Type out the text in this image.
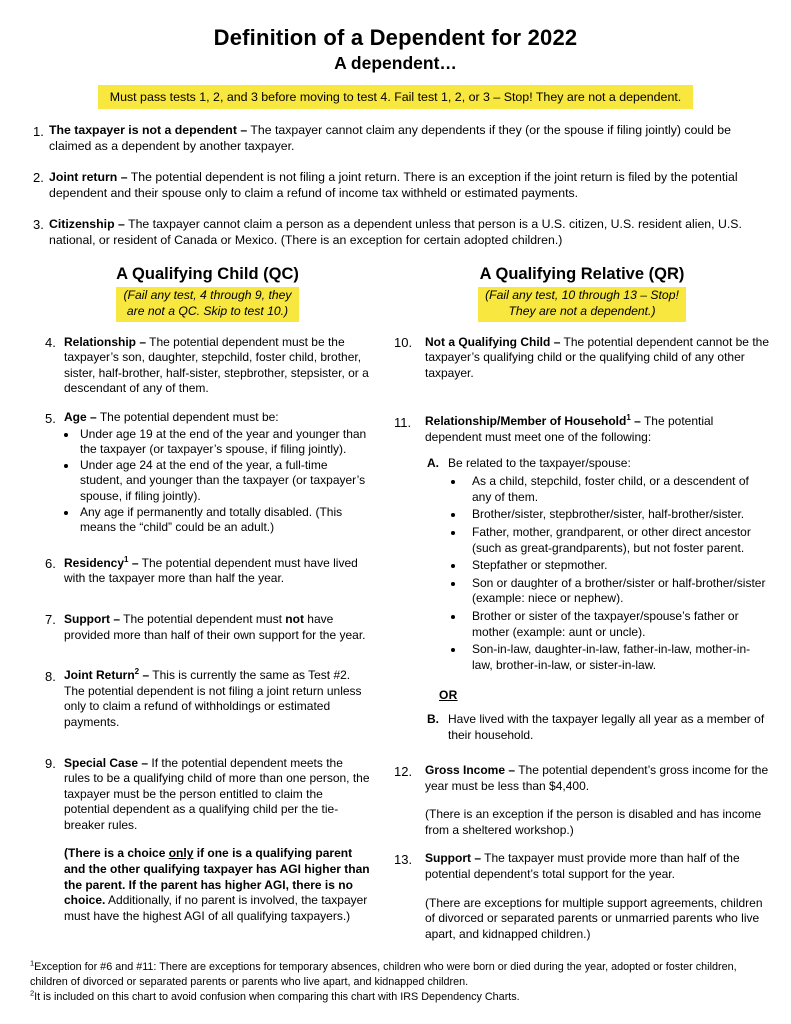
Definition of a Dependent for 2022
A dependent…
Must pass tests 1, 2, and 3 before moving to test 4. Fail test 1, 2, or 3 – Stop! They are not a dependent.
1. The taxpayer is not a dependent – The taxpayer cannot claim any dependents if they (or the spouse if filing jointly) could be claimed as a dependent by another taxpayer.

2. Joint return – The potential dependent is not filing a joint return. There is an exception if the joint return is filed by the potential dependent and their spouse only to claim a refund of income tax withheld or estimated payments.

3. Citizenship – The taxpayer cannot claim a person as a dependent unless that person is a U.S. citizen, U.S. resident alien, U.S. national, or resident of Canada or Mexico. (There is an exception for certain adopted children.)

A Qualifying Child (QC)
(Fail any test, 4 through 9, they
are not a QC. Skip to test 10.)
4. Relationship – The potential dependent must be the taxpayer’s son, daughter, stepchild, foster child, brother, sister, half-brother, half-sister, stepbrother, stepsister, or a descendant of any of them.

5. Age – The potential dependent must be:

• Under age 19 at the end of the year and younger than the taxpayer (or taxpayer’s spouse, if filing jointly).
• Under age 24 at the end of the year, a full-time student, and younger than the taxpayer (or taxpayer’s spouse, if filing jointly).
• Any age if permanently and totally disabled. (This means the “child” could be an adult.)
6. Residency$^1$ – The potential dependent must have lived with the taxpayer more than half the year.

7. Support – The potential dependent must not have provided more than half of their own support for the year.

8. Joint Return$^2$ – This is currently the same as Test #2. The potential dependent is not filing a joint return unless only to claim a refund of withholdings or estimated payments.

9. Special Case – If the potential dependent meets the rules to be a qualifying child of more than one person, the taxpayer must be the person entitled to claim the potential dependent as a qualifying child per the tie-breaker rules.

(There is a choice only if one is a qualifying parent and the other qualifying taxpayer has AGI higher than the parent. If the parent has higher AGI, there is no choice. Additionally, if no parent is involved, the taxpayer must have the highest AGI of all qualifying taxpayers.)

A Qualifying Relative (QR)
(Fail any test, 10 through 13 – Stop!
They are not a dependent.)
10.	Not a Qualifying Child – The potential dependent cannot be the taxpayer’s qualifying child or the qualifying child of any other taxpayer.

11.	Relationship/Member of Household$^1$ – The potential dependent must meet one of the following:

A. Be related to the taxpayer/spouse:

• As a child, stepchild, foster child, or a descendent of any of them.
• Brother/sister, stepbrother/sister, half-brother/sister.
• Father, mother, grandparent, or other direct ancestor (such as great-grandparents), but not foster parent.
• Stepfather or stepmother.
• Son or daughter of a brother/sister or half-brother/sister (example: niece or nephew).
• Brother or sister of the taxpayer/spouse’s father or mother (example: aunt or uncle).
• Son-in-law, daughter-in-law, father-in-law, mother-in-law, brother-in-law, or sister-in-law.
OR
B. Have lived with the taxpayer legally all year as a member of their household.

12.	Gross Income – The potential dependent’s gross income for the year must be less than $4,400.

(There is an exception if the person is disabled and has income from a sheltered workshop.)

13.	Support – The taxpayer must provide more than half of the potential dependent’s total support for the year.

(There are exceptions for multiple support agreements, children of divorced or separated parents or unmarried parents who live apart, and kidnapped children.)

$^1$Exception for #6 and #11: There are exceptions for temporary absences, children who were born or died during the year, adopted or foster children, children of divorced or separated parents or parents who live apart, and kidnapped children.

$^2$It is included on this chart to avoid confusion when comparing this chart with IRS Dependency Charts.
